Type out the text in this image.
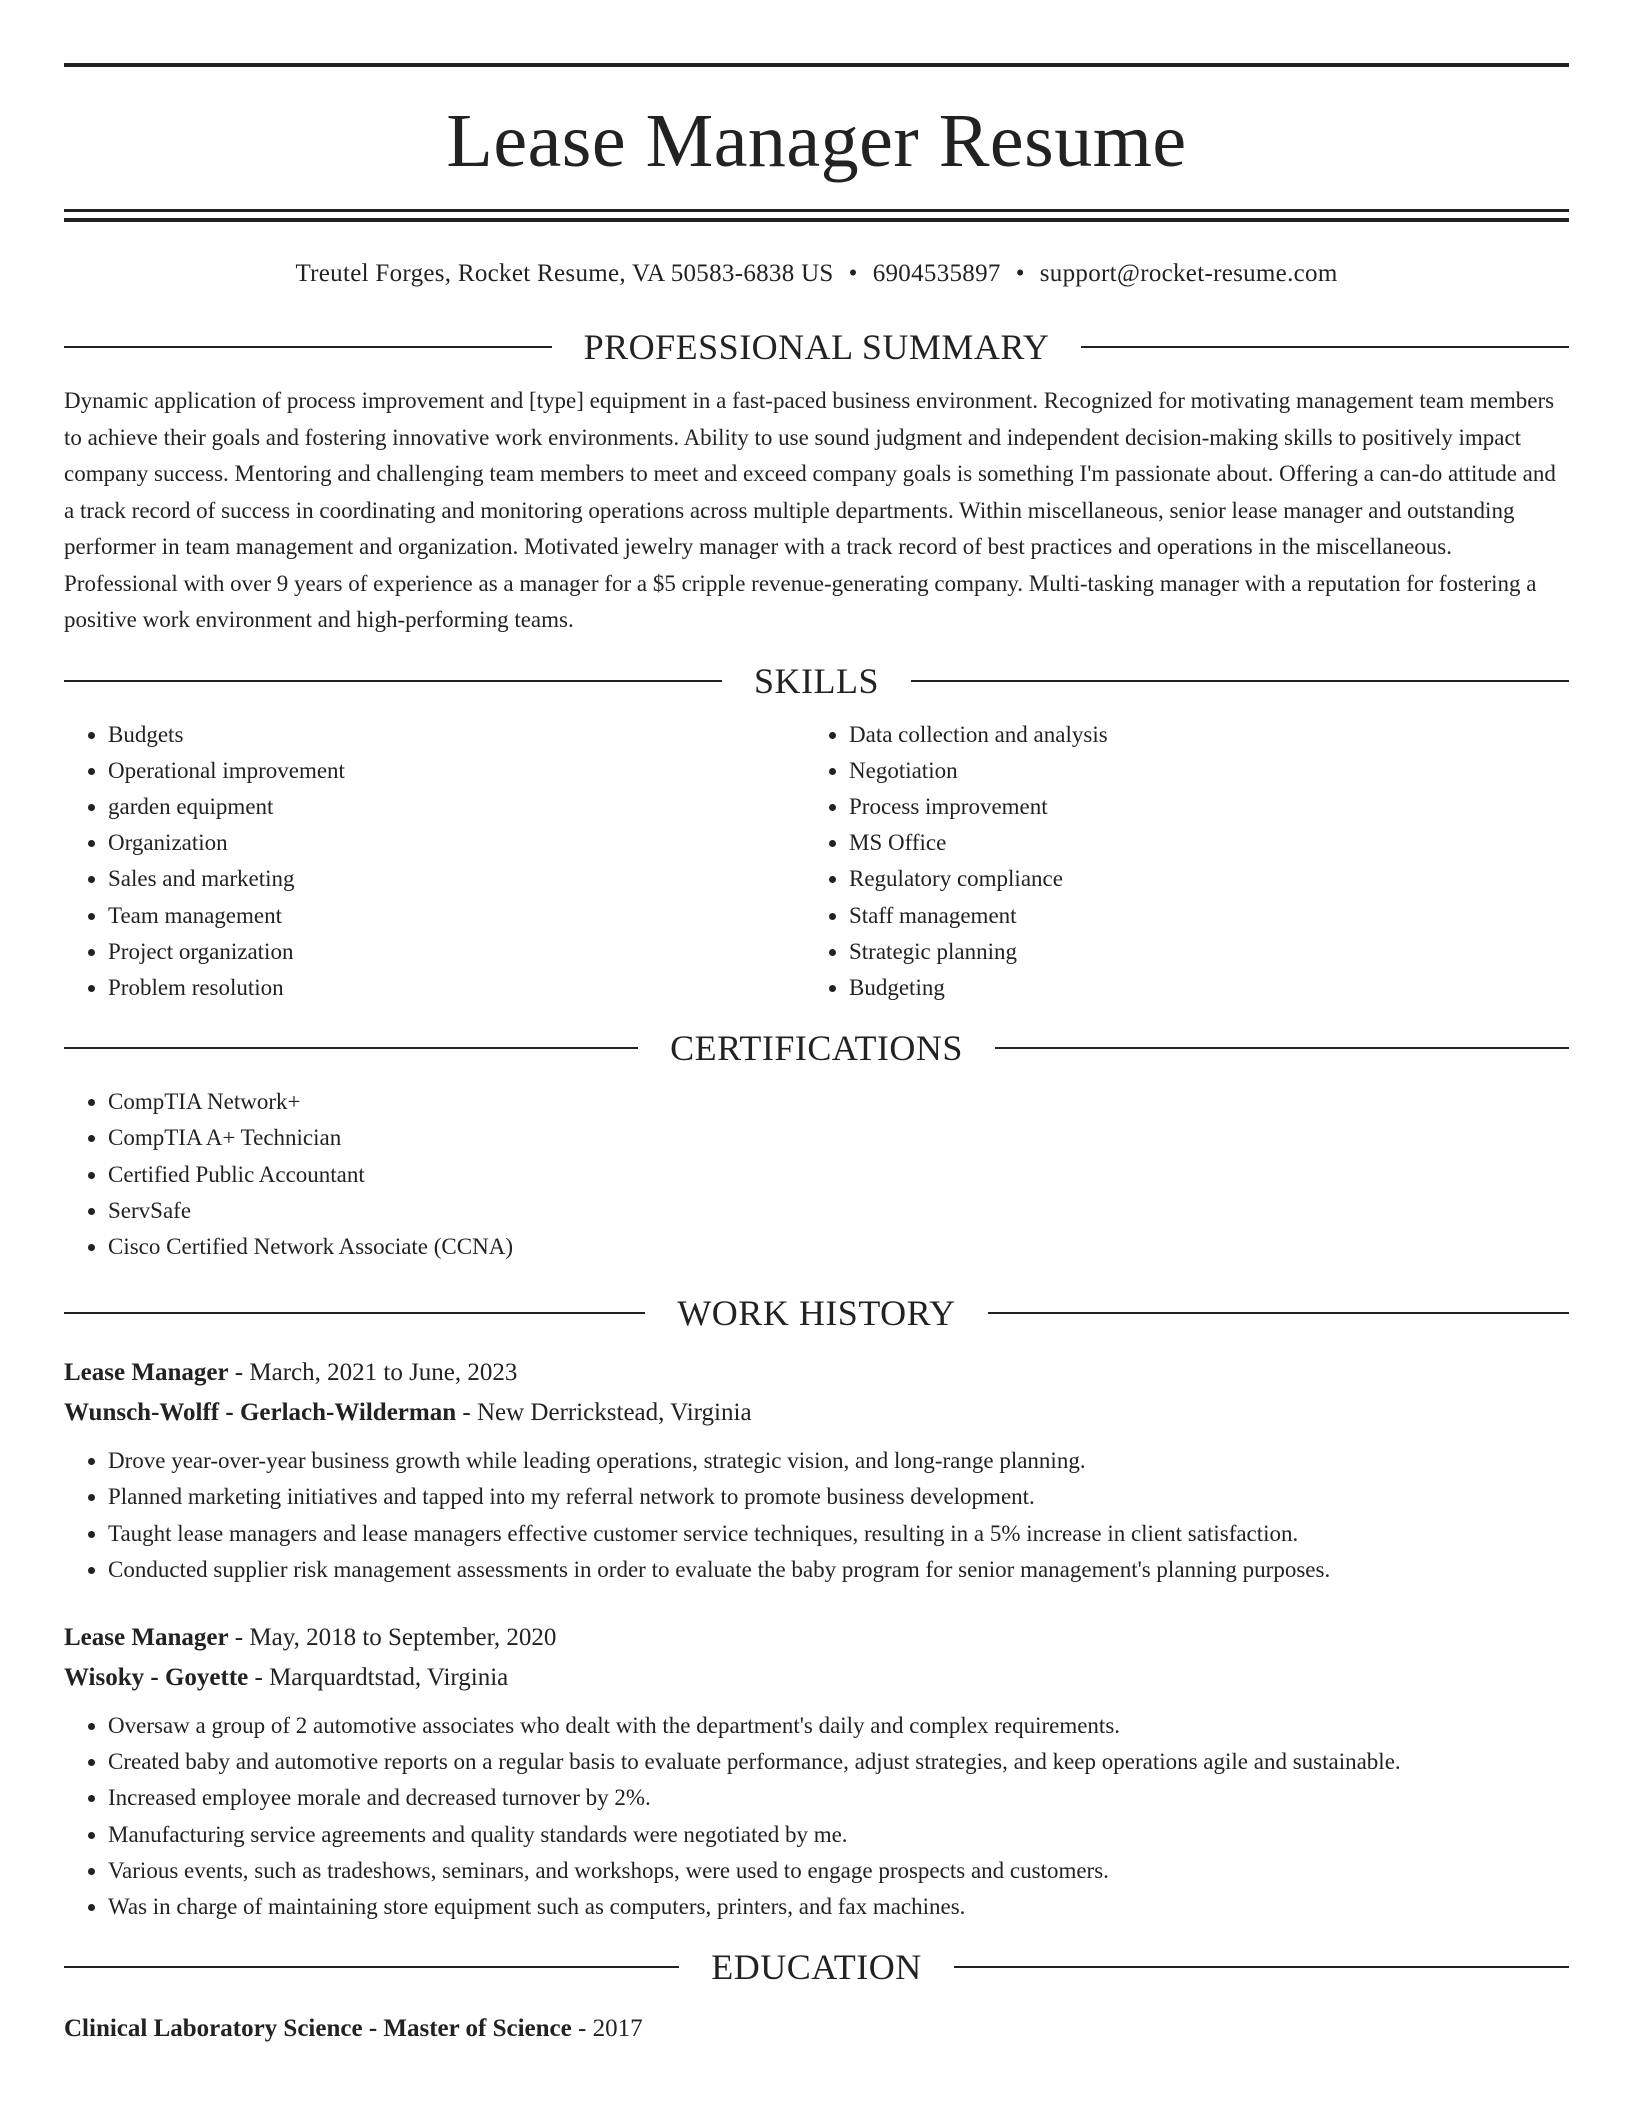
Lease Manager Resume
Treutel Forges, Rocket Resume, VA 50583-6838 US • 6904535897 • support@rocket-resume.com
PROFESSIONAL SUMMARY

Dynamic application of process improvement and [type] equipment in a fast-paced business environment. Recognized for motivating management team members to achieve their goals and fostering innovative work environments. Ability to use sound judgment and independent decision-making skills to positively impact company success. Mentoring and challenging team members to meet and exceed company goals is something I'm passionate about. Offering a can-do attitude and a track record of success in coordinating and monitoring operations across multiple departments. Within miscellaneous, senior lease manager and outstanding performer in team management and organization. Motivated jewelry manager with a track record of best practices and operations in the miscellaneous. Professional with over 9 years of experience as a manager for a $5 cripple revenue-generating company. Multi-tasking manager with a reputation for fostering a positive work environment and high-performing teams.

SKILLS
• Budgets
• Operational improvement
• garden equipment
• Organization
• Sales and marketing
• Team management
• Project organization
• Problem resolution
• Data collection and analysis
• Negotiation
• Process improvement
• MS Office
• Regulatory compliance
• Staff management
• Strategic planning
• Budgeting
CERTIFICATIONS
• CompTIA Network+
• CompTIA A+ Technician
• Certified Public Accountant
• ServSafe
• Cisco Certified Network Associate (CCNA)
WORK HISTORY
Lease Manager - March, 2021 to June, 2023
Wunsch-Wolff - Gerlach-Wilderman - New Derrickstead, Virginia
• Drove year-over-year business growth while leading operations, strategic vision, and long-range planning.
• Planned marketing initiatives and tapped into my referral network to promote business development.
• Taught lease managers and lease managers effective customer service techniques, resulting in a 5% increase in client satisfaction.
• Conducted supplier risk management assessments in order to evaluate the baby program for senior management's planning purposes.
Lease Manager - May, 2018 to September, 2020
Wisoky - Goyette - Marquardtstad, Virginia
• Oversaw a group of 2 automotive associates who dealt with the department's daily and complex requirements.
• Created baby and automotive reports on a regular basis to evaluate performance, adjust strategies, and keep operations agile and sustainable.
• Increased employee morale and decreased turnover by 2%.
• Manufacturing service agreements and quality standards were negotiated by me.
• Various events, such as tradeshows, seminars, and workshops, were used to engage prospects and customers.
• Was in charge of maintaining store equipment such as computers, printers, and fax machines.
EDUCATION
Clinical Laboratory Science - Master of Science - 2017
